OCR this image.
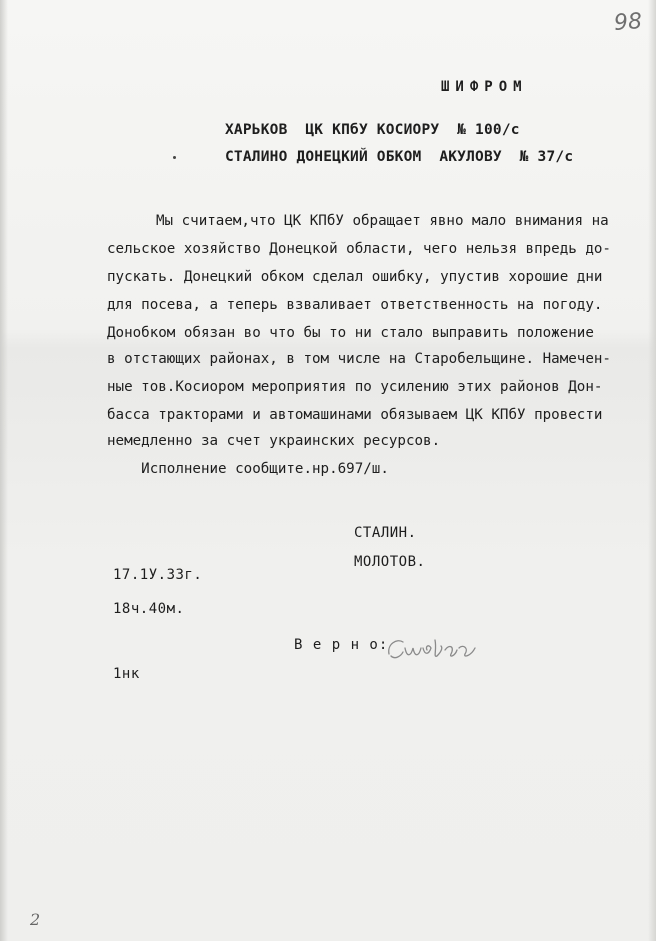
98
ШИФРОМ
ХАРЬКОВ  ЦК КПбУ КОСИОРУ  № 100/с
СТАЛИНО ДОНЕЦКИЙ ОБКОМ  АКУЛОВУ  № 37/с
Мы считаем,что ЦК КПбУ обращает явно мало внимания на
сельское хозяйство Донецкой области, чего нельзя впредь до-
пускать. Донецкий обком сделал ошибку, упустив хорошие дни
для посева, а теперь взваливает ответственность на погоду.
Донобком обязан во что бы то ни стало выправить положение
в отстающих районах, в том числе на Старобельщине. Намечен-
ные тов.Косиором мероприятия по усилению этих районов Дон-
басса тракторами и автомашинами обязываем ЦК КПбУ провести
немедленно за счет украинских ресурсов.
Исполнение сообщите.нр.697/ш.
СТАЛИН.
МОЛОТОВ.
17.1У.33г.
18ч.40м.
В е р н о:
1нк
2
